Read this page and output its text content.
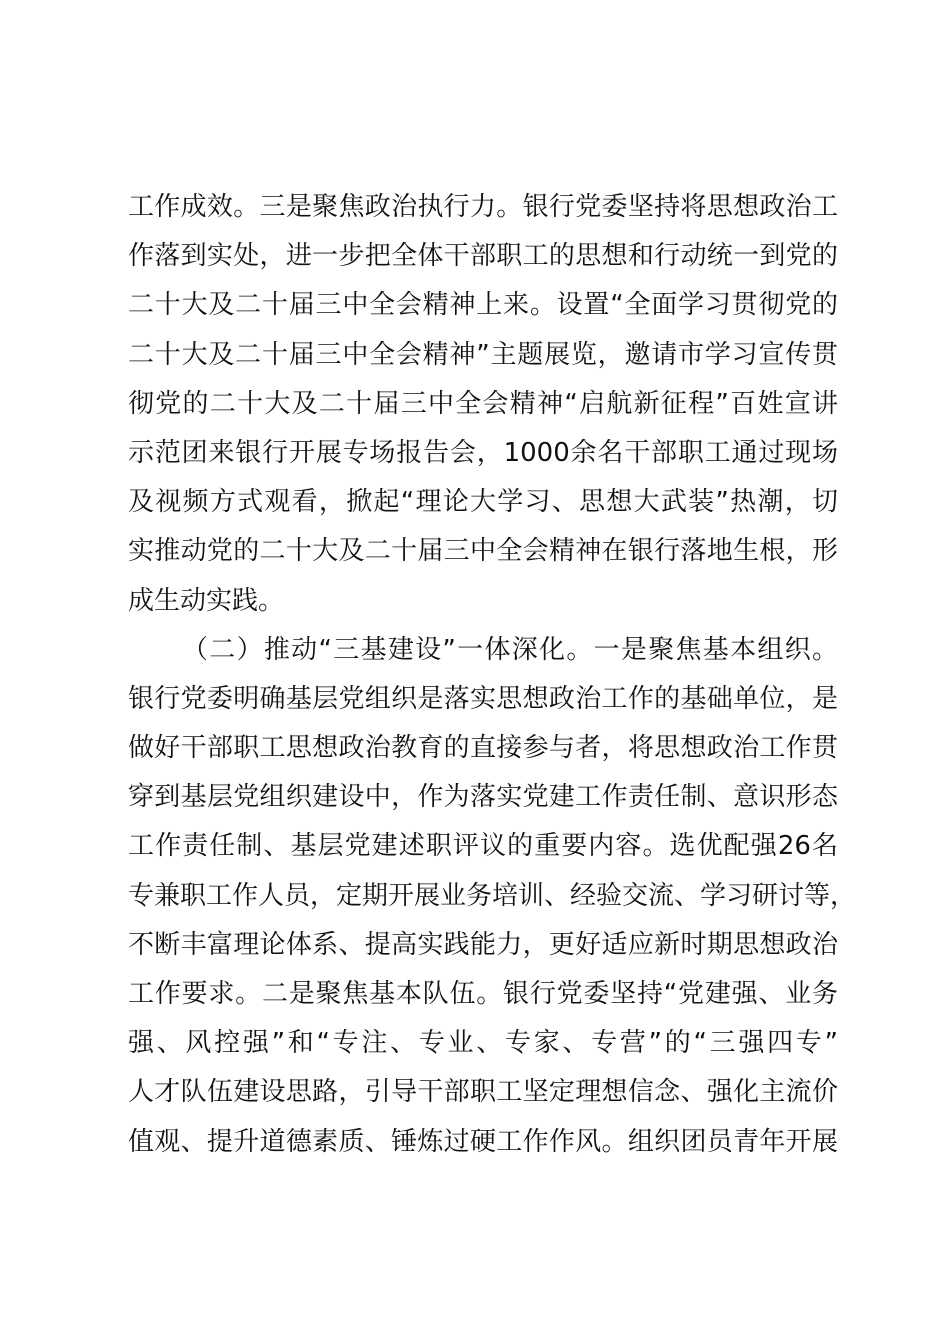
工作成效。三是聚焦政治执行力。银行党委坚持将思想政治工
作落到实处，进一步把全体干部职工的思想和行动统一到党的
二十大及二十届三中全会精神上来。设置“全面学习贯彻党的
二十大及二十届三中全会精神”主题展览，邀请市学习宣传贯
彻党的二十大及二十届三中全会精神“启航新征程”百姓宣讲
示范团来银行开展专场报告会，1000余名干部职工通过现场
及视频方式观看，掀起“理论大学习、思想大武装”热潮，切
实推动党的二十大及二十届三中全会精神在银行落地生根，形
成生动实践。
（二）推动“三基建设”一体深化。一是聚焦基本组织。
银行党委明确基层党组织是落实思想政治工作的基础单位，是
做好干部职工思想政治教育的直接参与者，将思想政治工作贯
穿到基层党组织建设中，作为落实党建工作责任制、意识形态
工作责任制、基层党建述职评议的重要内容。选优配强26名
专兼职工作人员，定期开展业务培训、经验交流、学习研讨等，
不断丰富理论体系、提高实践能力，更好适应新时期思想政治
工作要求。二是聚焦基本队伍。银行党委坚持“党建强、业务
强、风控强”和“专注、专业、专家、专营”的“三强四专”
人才队伍建设思路，引导干部职工坚定理想信念、强化主流价
值观、提升道德素质、锤炼过硬工作作风。组织团员青年开展
